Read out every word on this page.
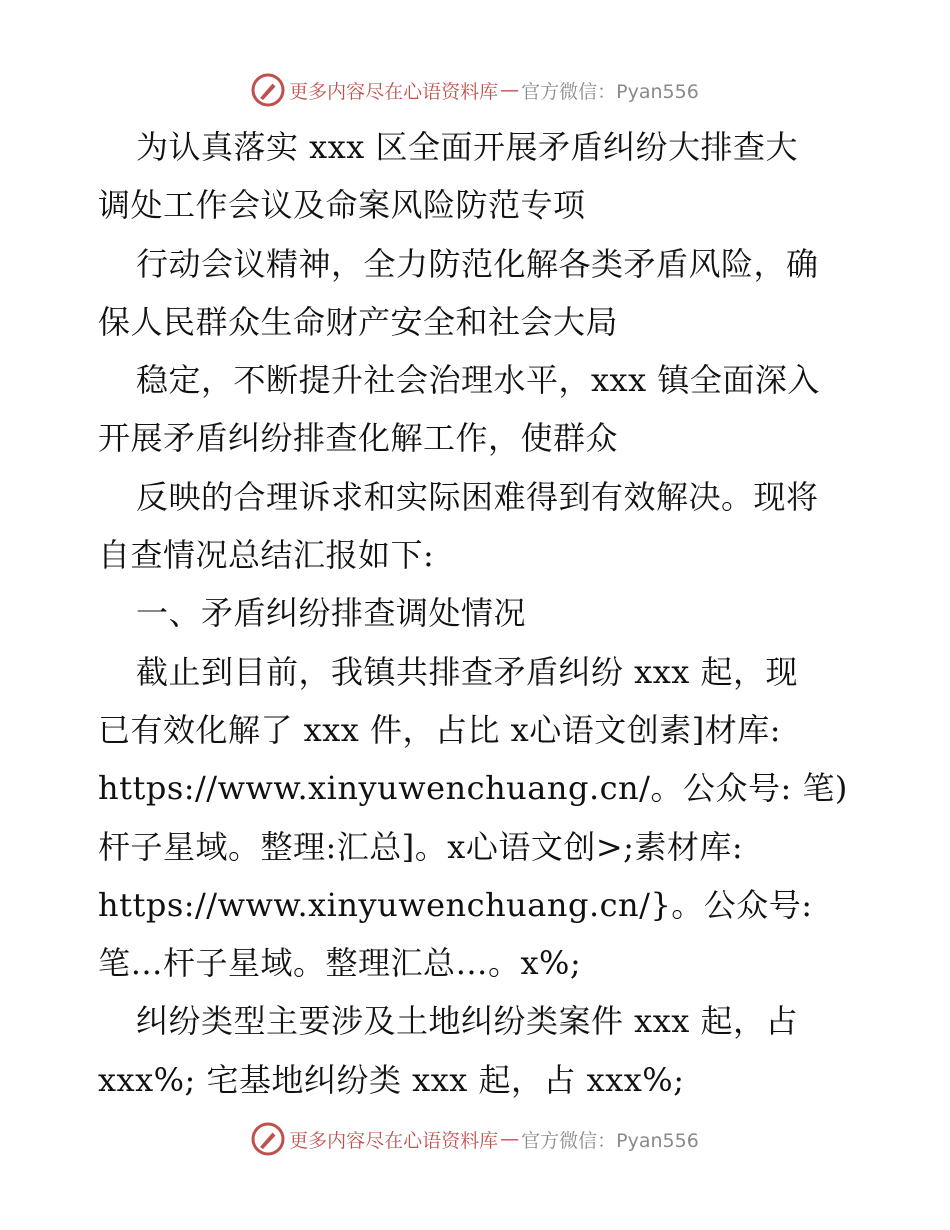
更多内容尽在心语资料库 — 官方微信：Pyan556
为认真落实 xxx 区全面开展矛盾纠纷大排查大
调处工作会议及命案风险防范专项
行动会议精神，全力防范化解各类矛盾风险，确
保人民群众生命财产安全和社会大局
稳定，不断提升社会治理水平，xxx 镇全面深入
开展矛盾纠纷排查化解工作，使群众
反映的合理诉求和实际困难得到有效解决。现将
自查情况总结汇报如下:
一、矛盾纠纷排查调处情况
截止到目前，我镇共排查矛盾纠纷 xxx 起，现
已有效化解了 xxx 件，占比 x心语文创素]材库:
https://www.xinyuwenchuang.cn/。公众号: 笔)
杆子星域。整理:汇总]。x心语文创>;素材库:
https://www.xinyuwenchuang.cn/}。公众号:
笔…杆子星域。整理汇总…。x%;
纠纷类型主要涉及土地纠纷类案件 xxx 起，占
xxx%; 宅基地纠纷类 xxx 起，占 xxx%;
更多内容尽在心语资料库 — 官方微信：Pyan556
